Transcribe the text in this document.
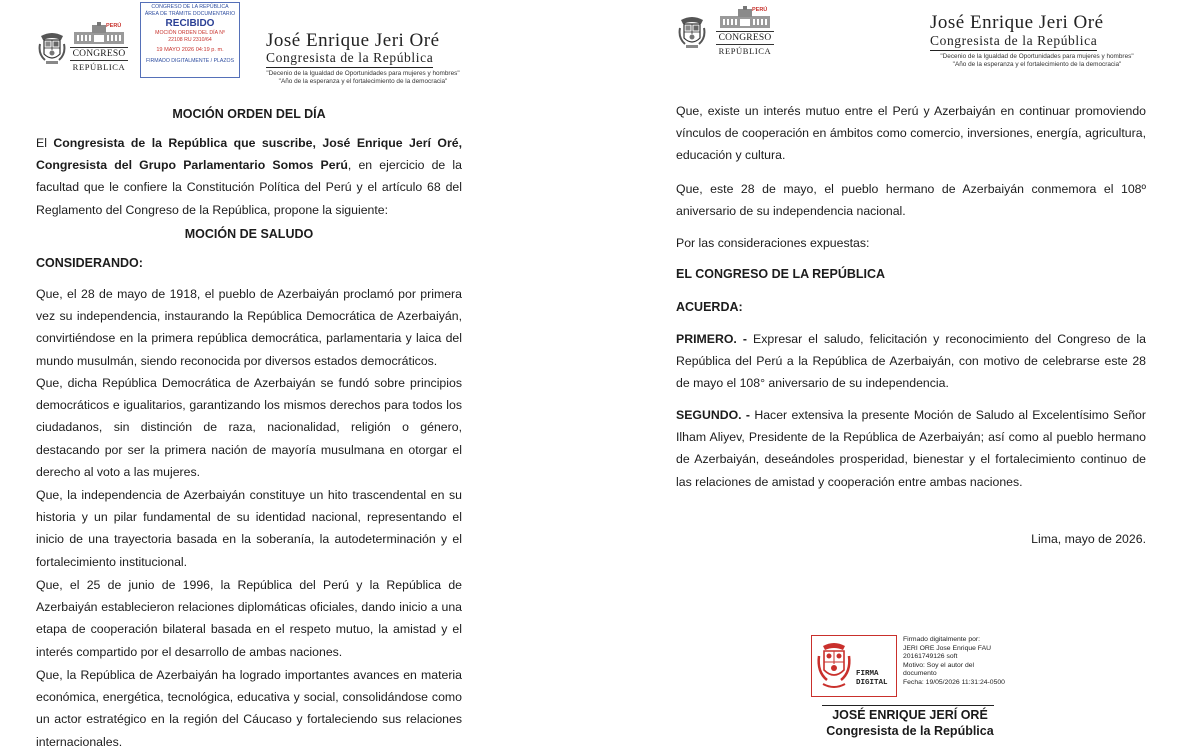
CONGRESO
REPÚBLICA
PERÚ
CONGRESO DE LA REPÚBLICA
ÁREA DE TRÁMITE DOCUMENTARIO
RECIBIDO
MOCIÓN ORDEN DEL DÍA Nº
22108 RU 2310/64
19 MAYO 2026 04:19 p. m.
FIRMADO DIGITALMENTE / PLAZOS
José Enrique Jeri Oré
Congresista de la República
"Decenio de la Igualdad de Oportunidades para mujeres y hombres"
"Año de la esperanza y el fortalecimiento de la democracia"
MOCIÓN ORDEN DEL DÍA

El Congresista de la República que suscribe, José Enrique Jerí Oré, Congresista del Grupo Parlamentario Somos Perú, en ejercicio de la facultad que le confiere la Constitución Política del Perú y el artículo 68 del Reglamento del Congreso de la República, propone la siguiente:

MOCIÓN DE SALUDO
CONSIDERANDO:
Que, el 28 de mayo de 1918, el pueblo de Azerbaiyán proclamó por primera vez su independencia, instaurando la República Democrática de Azerbaiyán, convirtiéndose en la primera república democrática, parlamentaria y laica del mundo musulmán, siendo reconocida por diversos estados democráticos.
Que, dicha República Democrática de Azerbaiyán se fundó sobre principios democráticos e igualitarios, garantizando los mismos derechos para todos los ciudadanos, sin distinción de raza, nacionalidad, religión o género, destacando por ser la primera nación de mayoría musulmana en otorgar el derecho al voto a las mujeres.
Que, la independencia de Azerbaiyán constituye un hito trascendental en su historia y un pilar fundamental de su identidad nacional, representando el inicio de una trayectoria basada en la soberanía, la autodeterminación y el fortalecimiento institucional.
Que, el 25 de junio de 1996, la República del Perú y la República de Azerbaiyán establecieron relaciones diplomáticas oficiales, dando inicio a una etapa de cooperación bilateral basada en el respeto mutuo, la amistad y el interés compartido por el desarrollo de ambas naciones.
Que, la República de Azerbaiyán ha logrado importantes avances en materia económica, energética, tecnológica, educativa y social, consolidándose como un actor estratégico en la región del Cáucaso y fortaleciendo sus relaciones internacionales.
CONGRESO
REPÚBLICA
PERÚ
José Enrique Jeri Oré
Congresista de la República
"Decenio de la Igualdad de Oportunidades para mujeres y hombres"
"Año de la esperanza y el fortalecimiento de la democracia"
Que, existe un interés mutuo entre el Perú y Azerbaiyán en continuar promoviendo vínculos de cooperación en ámbitos como comercio, inversiones, energía, agricultura, educación y cultura.
Que, este 28 de mayo, el pueblo hermano de Azerbaiyán conmemora el 108º aniversario de su independencia nacional.
Por las consideraciones expuestas:
EL CONGRESO DE LA REPÚBLICA
ACUERDA:

PRIMERO. - Expresar el saludo, felicitación y reconocimiento del Congreso de la República del Perú a la República de Azerbaiyán, con motivo de celebrarse este 28 de mayo el 108° aniversario de su independencia.

SEGUNDO. - Hacer extensiva la presente Moción de Saludo al Excelentísimo Señor Ilham Aliyev, Presidente de la República de Azerbaiyán; así como al pueblo hermano de Azerbaiyán, deseándoles prosperidad, bienestar y el fortalecimiento continuo de las relaciones de amistad y cooperación entre ambas naciones.

Lima, mayo de 2026.
FIRMA
DIGITAL
Firmado digitalmente por:
JERI ORE Jose Enrique FAU
20161749126 soft
Motivo: Soy el autor del
documento
Fecha: 19/05/2026 11:31:24-0500
JOSÉ ENRIQUE JERÍ ORÉ
Congresista de la República
